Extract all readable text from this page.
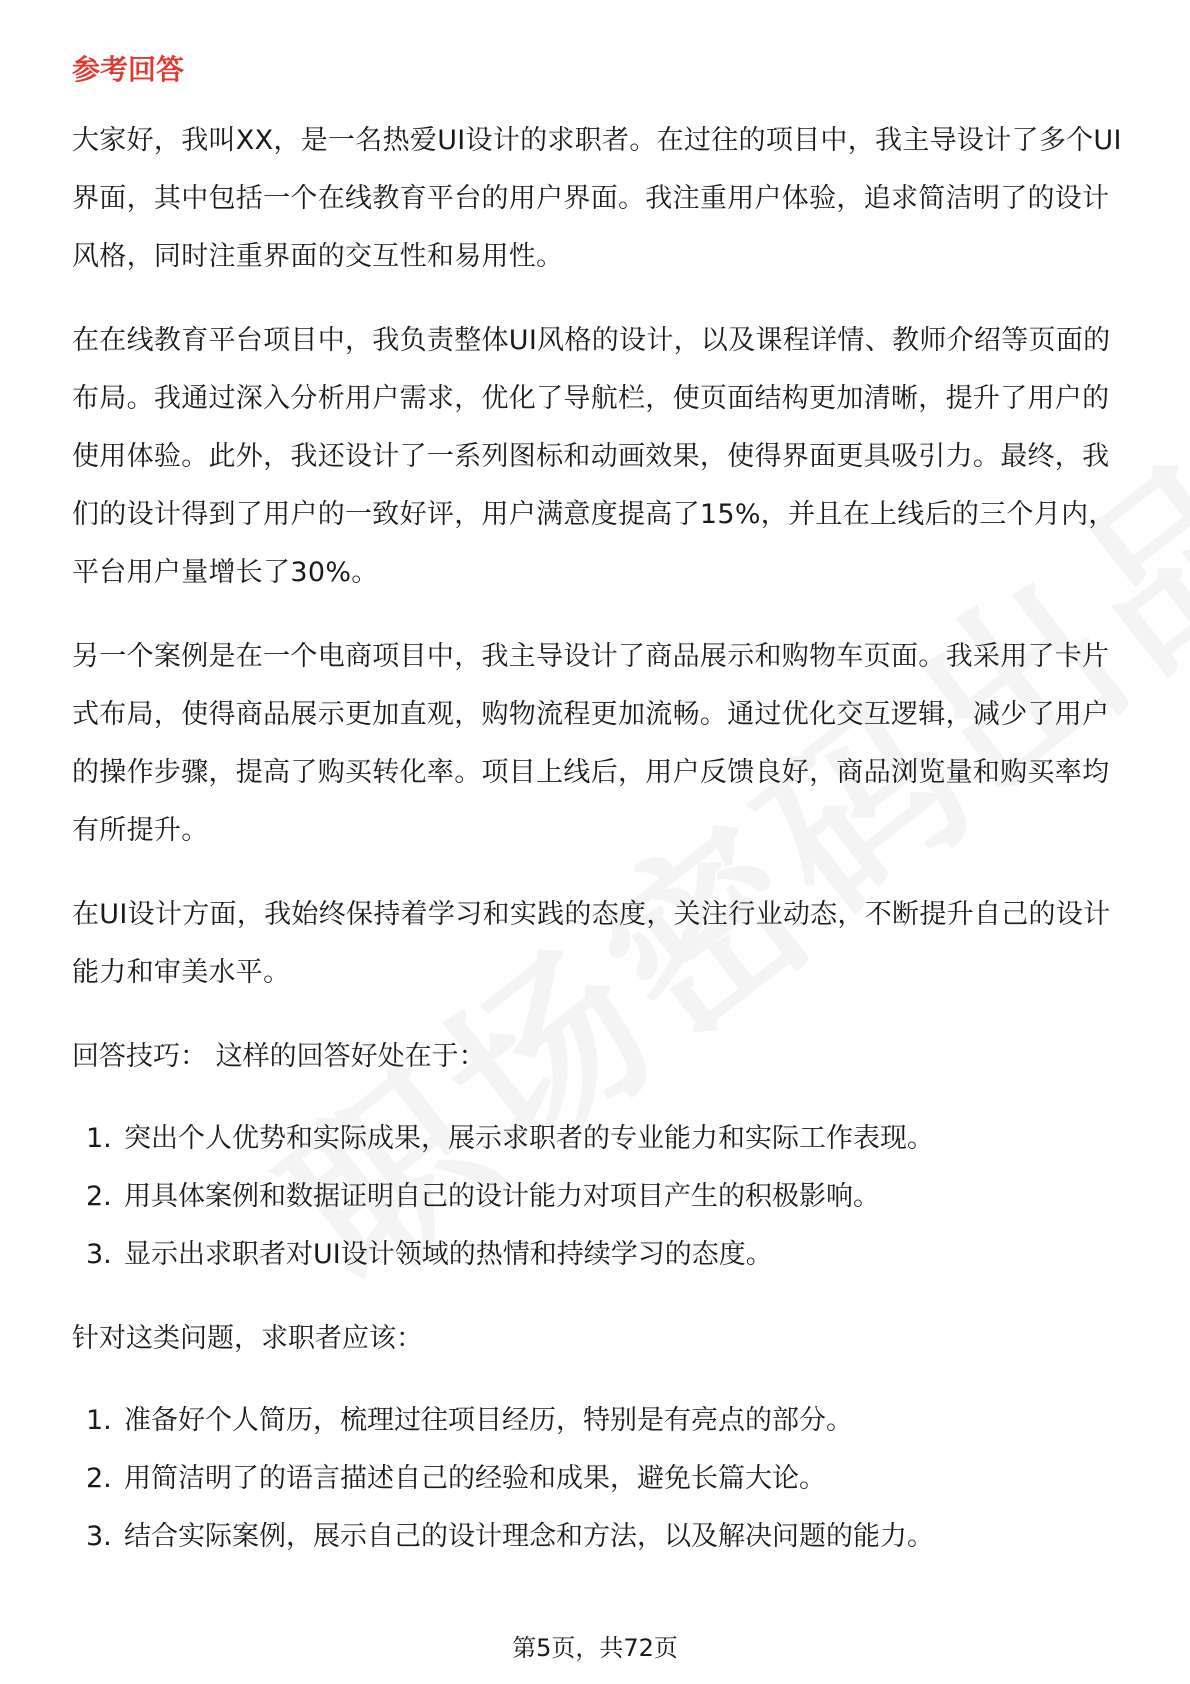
参考回答

大家好，我叫XX，是一名热爱UI设计的求职者。在过往的项目中，我主导设计了多个UI界面，其中包括一个在线教育平台的用户界面。我注重用户体验，追求简洁明了的设计风格，同时注重界面的交互性和易用性。

在在线教育平台项目中，我负责整体UI风格的设计，以及课程详情、教师介绍等页面的布局。我通过深入分析用户需求，优化了导航栏，使页面结构更加清晰，提升了用户的使用体验。此外，我还设计了一系列图标和动画效果，使得界面更具吸引力。最终，我们的设计得到了用户的一致好评，用户满意度提高了15%，并且在上线后的三个月内，平台用户量增长了30%。

另一个案例是在一个电商项目中，我主导设计了商品展示和购物车页面。我采用了卡片式布局，使得商品展示更加直观，购物流程更加流畅。通过优化交互逻辑，减少了用户的操作步骤，提高了购买转化率。项目上线后，用户反馈良好，商品浏览量和购买率均有所提升。

在UI设计方面，我始终保持着学习和实践的态度，关注行业动态，不断提升自己的设计能力和审美水平。

回答技巧： 这样的回答好处在于：
1. 突出个人优势和实际成果，展示求职者的专业能力和实际工作表现。
2. 用具体案例和数据证明自己的设计能力对项目产生的积极影响。
3. 显示出求职者对UI设计领域的热情和持续学习的态度。
针对这类问题，求职者应该：
1. 准备好个人简历，梳理过往项目经历，特别是有亮点的部分。
2. 用简洁明了的语言描述自己的经验和成果，避免长篇大论。
3. 结合实际案例，展示自己的设计理念和方法，以及解决问题的能力。
第5页，共72页
